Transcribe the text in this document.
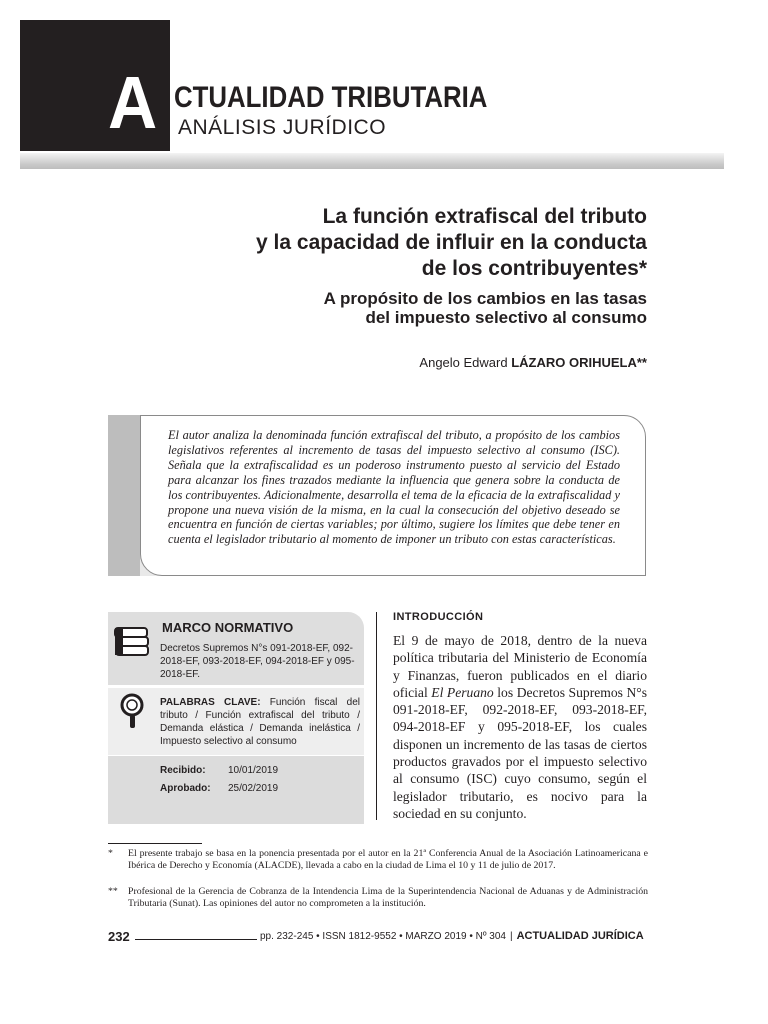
A CTUALIDAD TRIBUTARIA
ANÁLISIS JURÍDICO
La función extrafiscal del tributo
y la capacidad de influir en la conducta
de los contribuyentes*
A propósito de los cambios en las tasas
del impuesto selectivo al consumo
Angelo Edward LÁZARO ORIHUELA**
RESUMEN
El autor analiza la denominada función extrafiscal del tributo, a propósito de los cambios legislativos referentes al incremento de tasas del impuesto selectivo al consumo (ISC). Señala que la extrafiscalidad es un poderoso instrumento puesto al servicio del Estado para alcanzar los fines trazados mediante la influencia que genera sobre la conducta de los contribuyentes. Adicionalmente, desarrolla el tema de la eficacia de la extrafiscalidad y propone una nueva visión de la misma, en la cual la consecución del objetivo deseado se encuentra en función de ciertas variables; por último, sugiere los límites que debe tener en cuenta el legislador tributario al momento de imponer un tributo con estas características.
MARCO NORMATIVO
Decretos Supremos N°s 091-2018-EF, 092-2018-EF, 093-2018-EF, 094-2018-EF y 095-2018-EF.
PALABRAS CLAVE: Función fiscal del tributo / Función extrafiscal del tributo / Demanda elástica / Demanda inelástica / Impuesto selectivo al consumo
Recibido: 10/01/2019
Aprobado: 25/02/2019
INTRODUCCIÓN
El 9 de mayo de 2018, dentro de la nueva política tributaria del Ministerio de Economía y Finanzas, fueron publicados en el diario oficial El Peruano los Decretos Supremos N°s 091-2018-EF, 092-2018-EF, 093-2018-EF, 094-2018-EF y 095-2018-EF, los cuales disponen un incremento de las tasas de ciertos productos gravados por el impuesto selectivo al consumo (ISC) cuyo consumo, según el legislador tributario, es nocivo para la sociedad en su conjunto.
* El presente trabajo se basa en la ponencia presentada por el autor en la 21ª Conferencia Anual de la Asociación Latinoamericana e Ibérica de Derecho y Economía (ALACDE), llevada a cabo en la ciudad de Lima el 10 y 11 de julio de 2017.
** Profesional de la Gerencia de Cobranza de la Intendencia Lima de la Superintendencia Nacional de Aduanas y de Administración Tributaria (Sunat). Las opiniones del autor no comprometen a la institución.
232	pp. 232-245 • ISSN 1812-9552 • MARZO 2019 • Nº 304 | ACTUALIDAD JURÍDICA
